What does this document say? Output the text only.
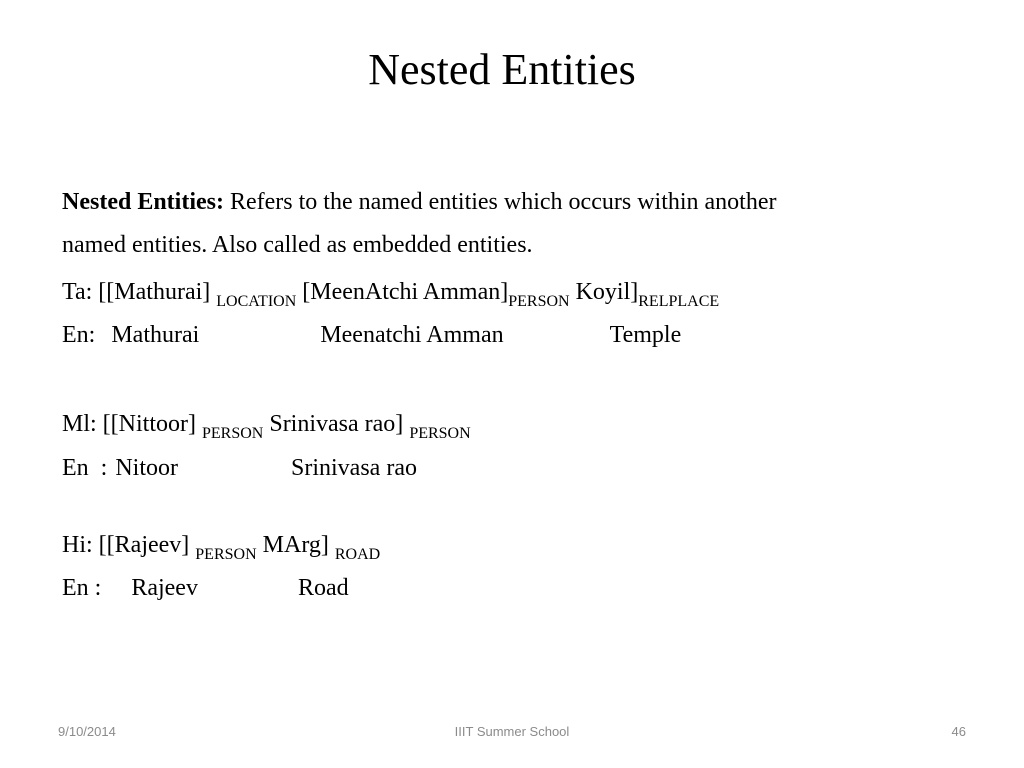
Nested Entities
Nested Entities: Refers to the named entities which occurs within another
named entities. Also called as embedded entities.
Ta: [[Mathurai] $_{LOCATION}$ [MeenAtchi $Amman]_{PERSON}$ $Koyil]_{RELPLACE}$
En: Mathurai	Meenatchi Amman	Temple
Ml: [[Nittoor] $_{PERSON}$ Srinivasa rao] $_{PERSON}$
En  : Nitoor	Srinivasa rao
Hi: [[Rajeev] $_{PERSON}$ MArg] $_{ROAD}$
En : Rajeev	Road
9/10/2014	IIIT Summer School	46
